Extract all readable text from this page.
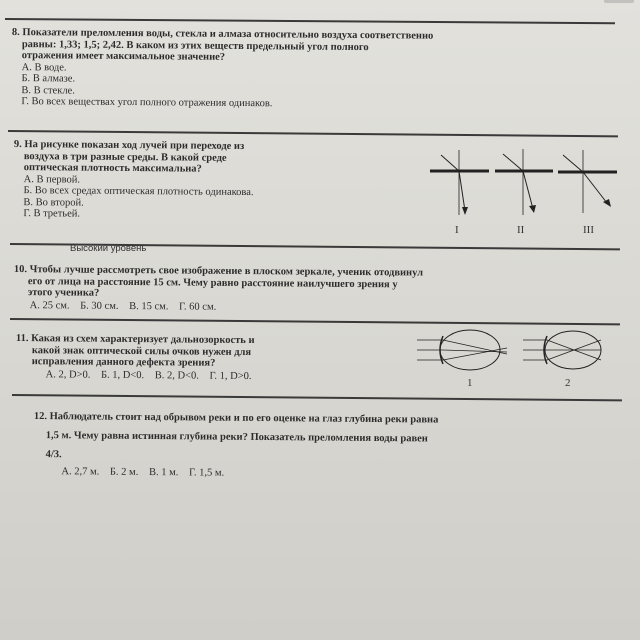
8. Показатели преломления воды, стекла и алмаза относительно воздуха соответственно
равны: 1,33; 1,5; 2,42. В каком из этих веществ предельный угол полного
отражения имеет максимальное значение?
А. В воде.
Б. В алмазе.
В. В стекле.
Г. Во всех веществах угол полного отражения одинаков.
9. На рисунке показан ход лучей при переходе из
воздуха в три разные среды. В какой среде
оптическая плотность максимальна?
А. В первой.
Б. Во всех средах оптическая плотность одинакова.
В. Во второй.
Г. В третьей.
I	II	III
Высокий уровень
10. Чтобы лучше рассмотреть свое изображение в плоском зеркале, ученик отодвинул
его от лица на расстояние 15 см. Чему равно расстояние наилучшего зрения у
этого ученика?
А. 25 см. Б. 30 см. В. 15 см. Г. 60 см.
11. Какая из схем характеризует дальнозоркость и
какой знак оптической силы очков нужен для
исправления данного дефекта зрения?
А. 2, D>0. Б. 1, D<0. В. 2, D<0. Г. 1, D>0.
1	2
12. Наблюдатель стоит над обрывом реки и по его оценке на глаз глубина реки равна
1,5 м. Чему равна истинная глубина реки? Показатель преломления воды равен
4/3.
А. 2,7 м. Б. 2 м. В. 1 м. Г. 1,5 м.
